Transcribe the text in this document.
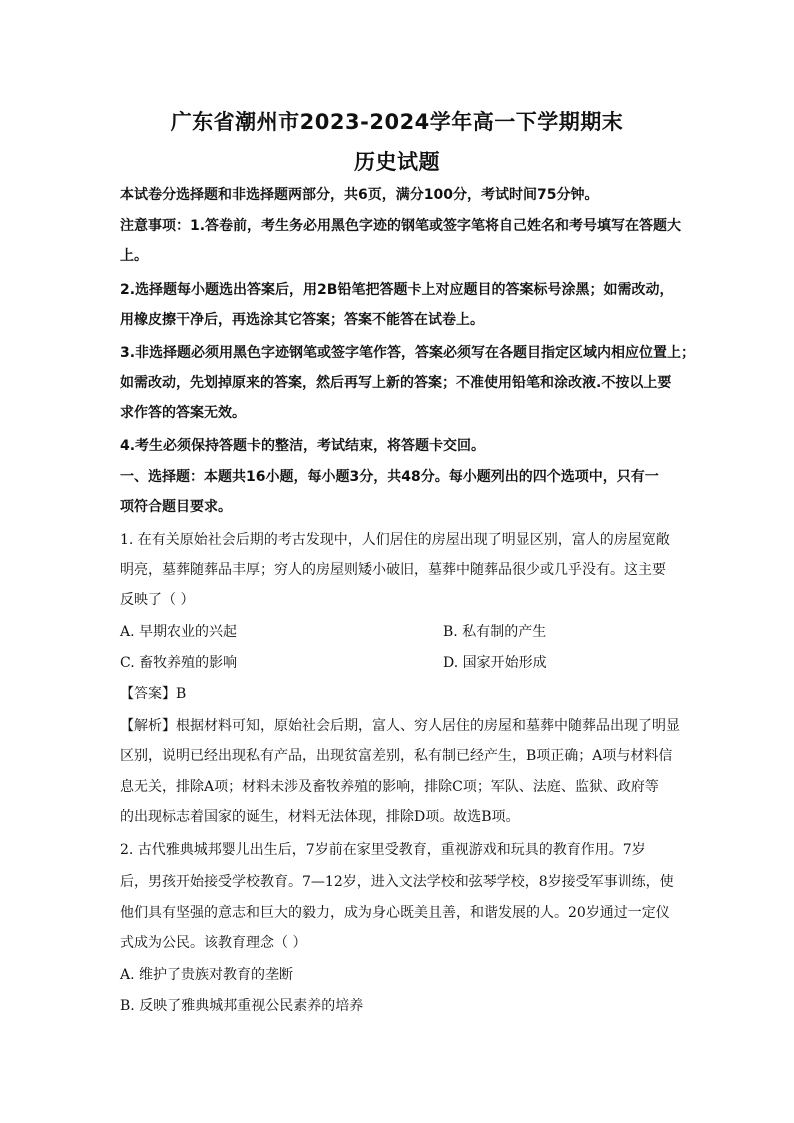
广东省潮州市2023-2024学年高一下学期期末
历史试题
本试卷分选择题和非选择题两部分，共6页，满分100分，考试时间75分钟。
注意事项：1.答卷前，考生务必用黑色字迹的钢笔或签字笔将自己姓名和考号填写在答题大
上。
2.选择题每小题选出答案后，用2B铅笔把答题卡上对应题目的答案标号涂黑；如需改动，
用橡皮擦干净后，再选涂其它答案；答案不能答在试卷上。
3.非选择题必须用黑色字迹钢笔或签字笔作答，答案必须写在各题目指定区域内相应位置上；
如需改动，先划掉原来的答案，然后再写上新的答案；不准使用铅笔和涂改液.不按以上要
求作答的答案无效。
4.考生必须保持答题卡的整洁，考试结束，将答题卡交回。
一、选择题：本题共16小题，每小题3分，共48分。每小题列出的四个选项中，只有一
项符合题目要求。
1. 在有关原始社会后期的考古发现中，人们居住的房屋出现了明显区别，富人的房屋宽敞
明亮，墓葬随葬品丰厚；穷人的房屋则矮小破旧，墓葬中随葬品很少或几乎没有。这主要
反映了（ ）
A. 早期农业的兴起	B. 私有制的产生
C. 畜牧养殖的影响	D. 国家开始形成
【答案】B
【解析】根据材料可知，原始社会后期，富人、穷人居住的房屋和墓葬中随葬品出现了明显
区别，说明已经出现私有产品，出现贫富差别，私有制已经产生，B项正确；A项与材料信
息无关，排除A项；材料未涉及畜牧养殖的影响，排除C项；军队、法庭、监狱、政府等
的出现标志着国家的诞生，材料无法体现，排除D项。故选B项。
2. 古代雅典城邦婴儿出生后，7岁前在家里受教育，重视游戏和玩具的教育作用。7岁
后，男孩开始接受学校教育。7—12岁，进入文法学校和弦琴学校，8岁接受军事训练，使
他们具有坚强的意志和巨大的毅力，成为身心既美且善，和谐发展的人。20岁通过一定仪
式成为公民。该教育理念（ ）
A. 维护了贵族对教育的垄断
B. 反映了雅典城邦重视公民素养的培养
